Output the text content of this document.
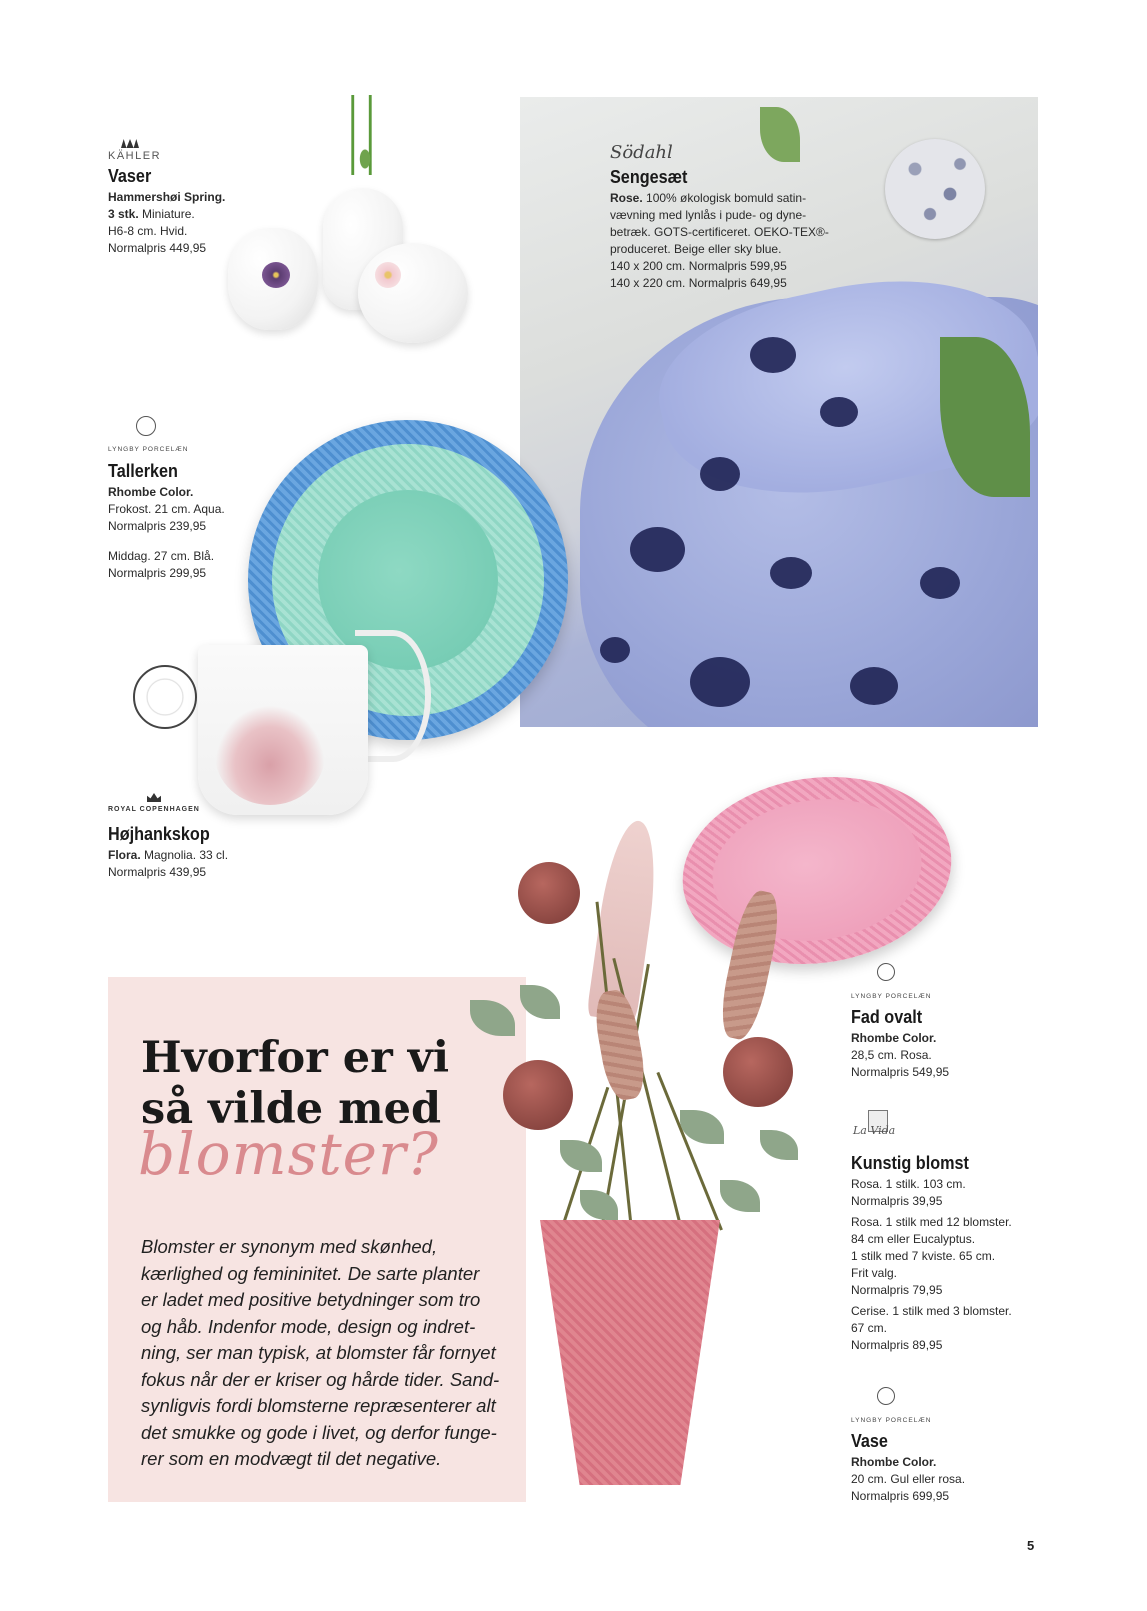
Södahl
Sengesæt
Rose. 100% økologisk bomuld satin-
vævning med lynlås i pude- og dyne-
betræk. GOTS-certificeret. OEKO-TEX®-
produceret. Beige eller sky blue.
140 x 200 cm. Normalpris 599,95
140 x 220 cm. Normalpris 649,95
KÄHLER
Vaser
Hammershøi Spring.
3 stk. Miniature.
H6-8 cm. Hvid.
Normalpris 449,95
LYNGBY PORCELÆN
Tallerken
Rhombe Color.
Frokost. 21 cm. Aqua.
Normalpris 239,95
Middag. 27 cm. Blå.
Normalpris 299,95
ROYAL COPENHAGEN
Højhankskop
Flora. Magnolia. 33 cl.
Normalpris 439,95
Hvorfor er vi
så vilde med
blomster?
Blomster er synonym med skønhed,
kærlighed og femininitet. De sarte planter
er ladet med positive betydninger som tro
og håb. Indenfor mode, design og indret-
ning, ser man typisk, at blomster får fornyet
fokus når der er kriser og hårde tider. Sand-
synligvis fordi blomsterne repræsenterer alt
det smukke og gode i livet, og derfor funge-
rer som en modvægt til det negative.
LYNGBY PORCELÆN
Fad ovalt
Rhombe Color.
28,5 cm. Rosa.
Normalpris 549,95
La Vida
Kunstig blomst
Rosa. 1 stilk. 103 cm.
Normalpris 39,95
Rosa. 1 stilk med 12 blomster.
84 cm eller Eucalyptus.
1 stilk med 7 kviste. 65 cm.
Frit valg.
Normalpris 79,95
Cerise. 1 stilk med 3 blomster.
67 cm.
Normalpris 89,95
LYNGBY PORCELÆN
Vase
Rhombe Color.
20 cm. Gul eller rosa.
Normalpris 699,95
5
